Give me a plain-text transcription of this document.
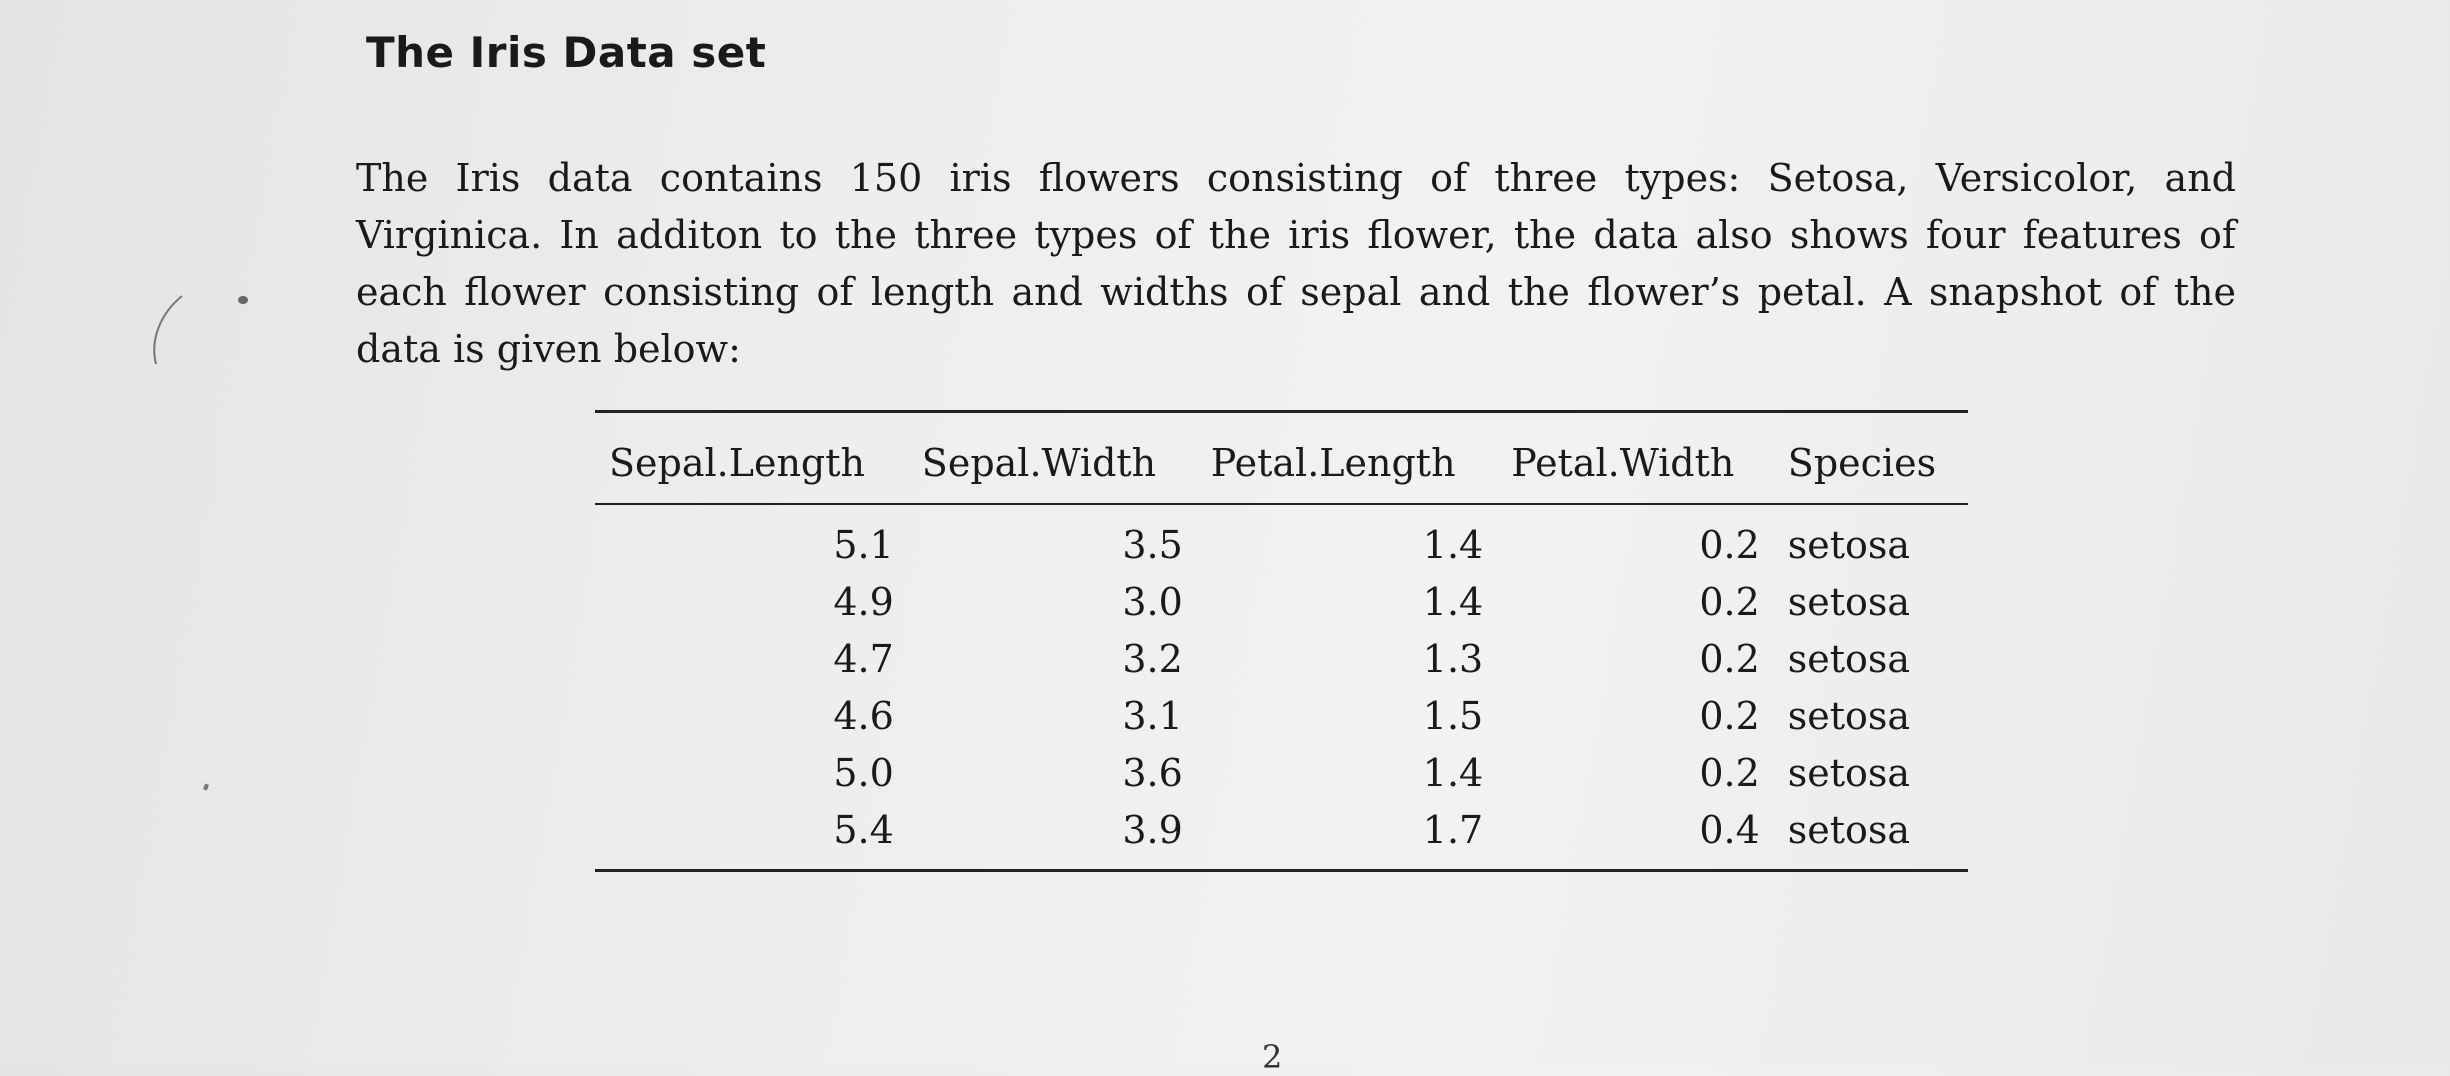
The Iris Data set

The Iris data contains 150 iris flowers consisting of three types: Setosa, Versicolor, and Virginica. In additon to the three types of the iris flower, the data also shows four features of each flower consisting of length and widths of sepal and the flower’s petal. A snapshot of the data is given below:

Sepal.Length	Sepal.Width	Petal.Length	Petal.Width	Species
5.1	3.5	1.4	0.2	setosa
4.9	3.0	1.4	0.2	setosa
4.7	3.2	1.3	0.2	setosa
4.6	3.1	1.5	0.2	setosa
5.0	3.6	1.4	0.2	setosa
5.4	3.9	1.7	0.4	setosa
2
